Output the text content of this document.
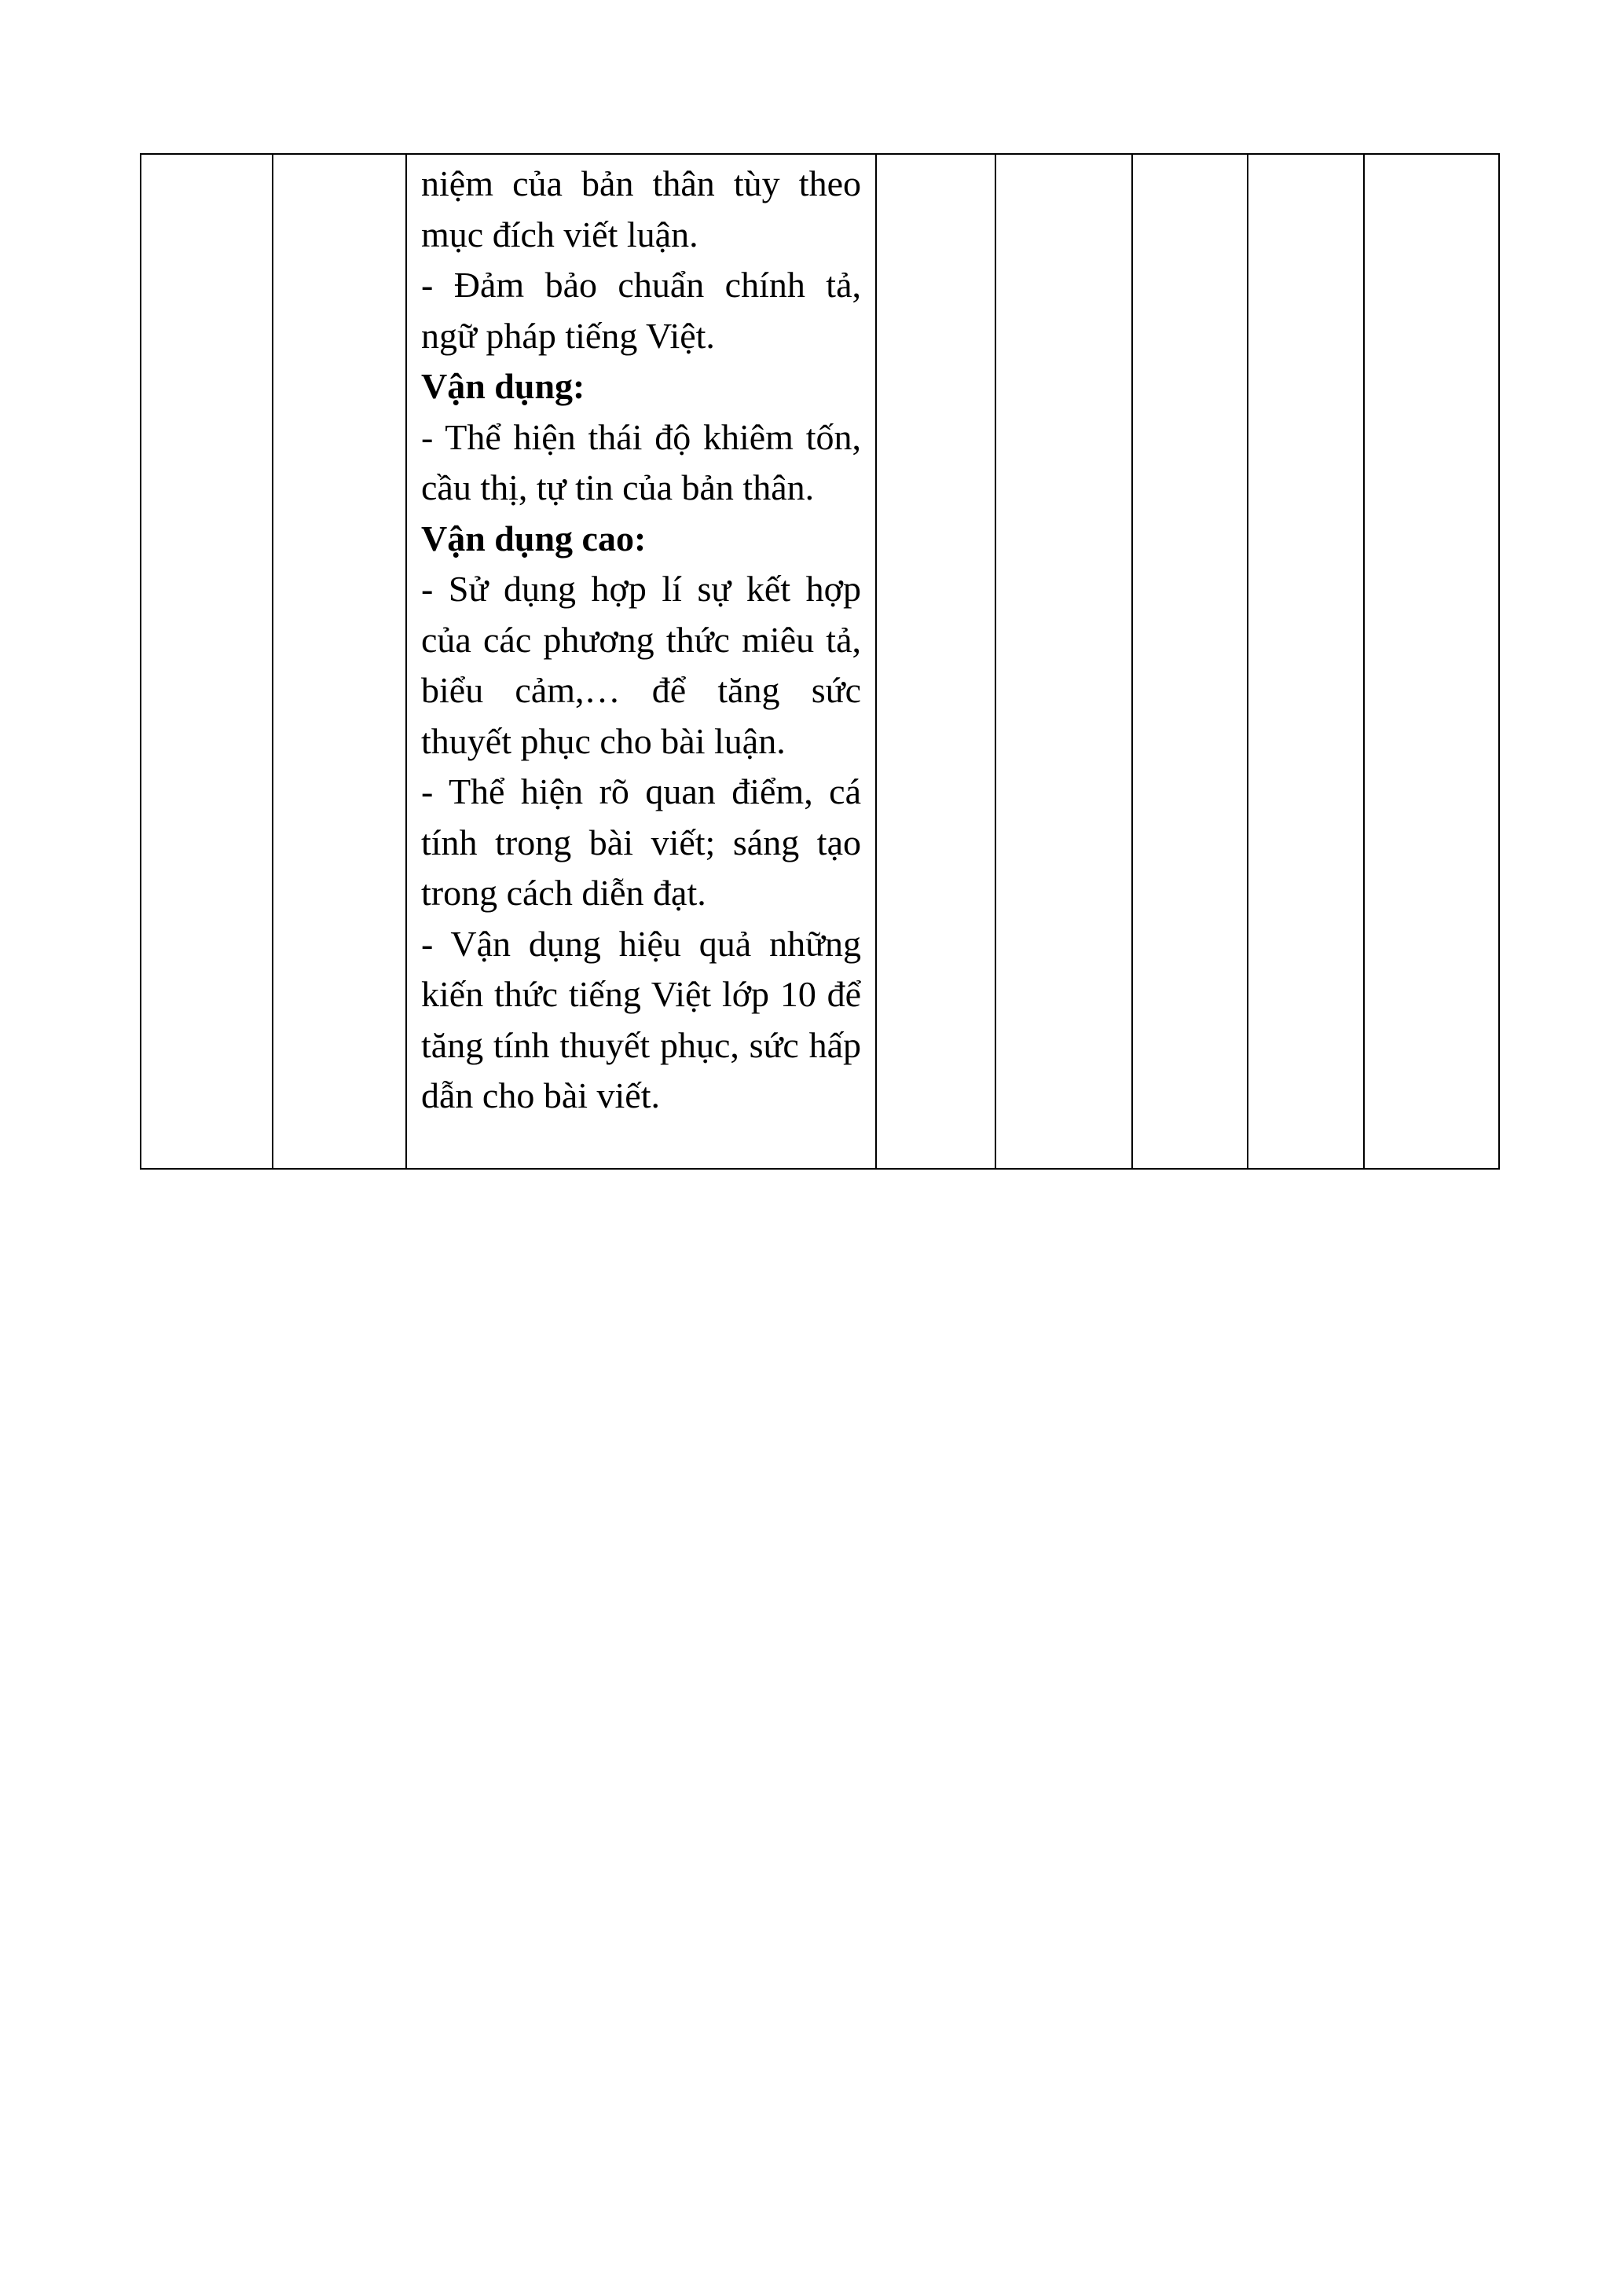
niệm của bản thân tùy theo mục đích viết luận.

- Đảm bảo chuẩn chính tả, ngữ pháp tiếng Việt.

Vận dụng:

- Thể hiện thái độ khiêm tốn, cầu thị, tự tin của bản thân.

Vận dụng cao:

- Sử dụng hợp lí sự kết hợp của các phương thức miêu tả, biểu cảm,… để tăng sức thuyết phục cho bài luận.

- Thể hiện rõ quan điểm, cá tính trong bài viết; sáng tạo trong cách diễn đạt.

- Vận dụng hiệu quả những kiến thức tiếng Việt lớp 10 để tăng tính thuyết phục, sức hấp dẫn cho bài viết.
